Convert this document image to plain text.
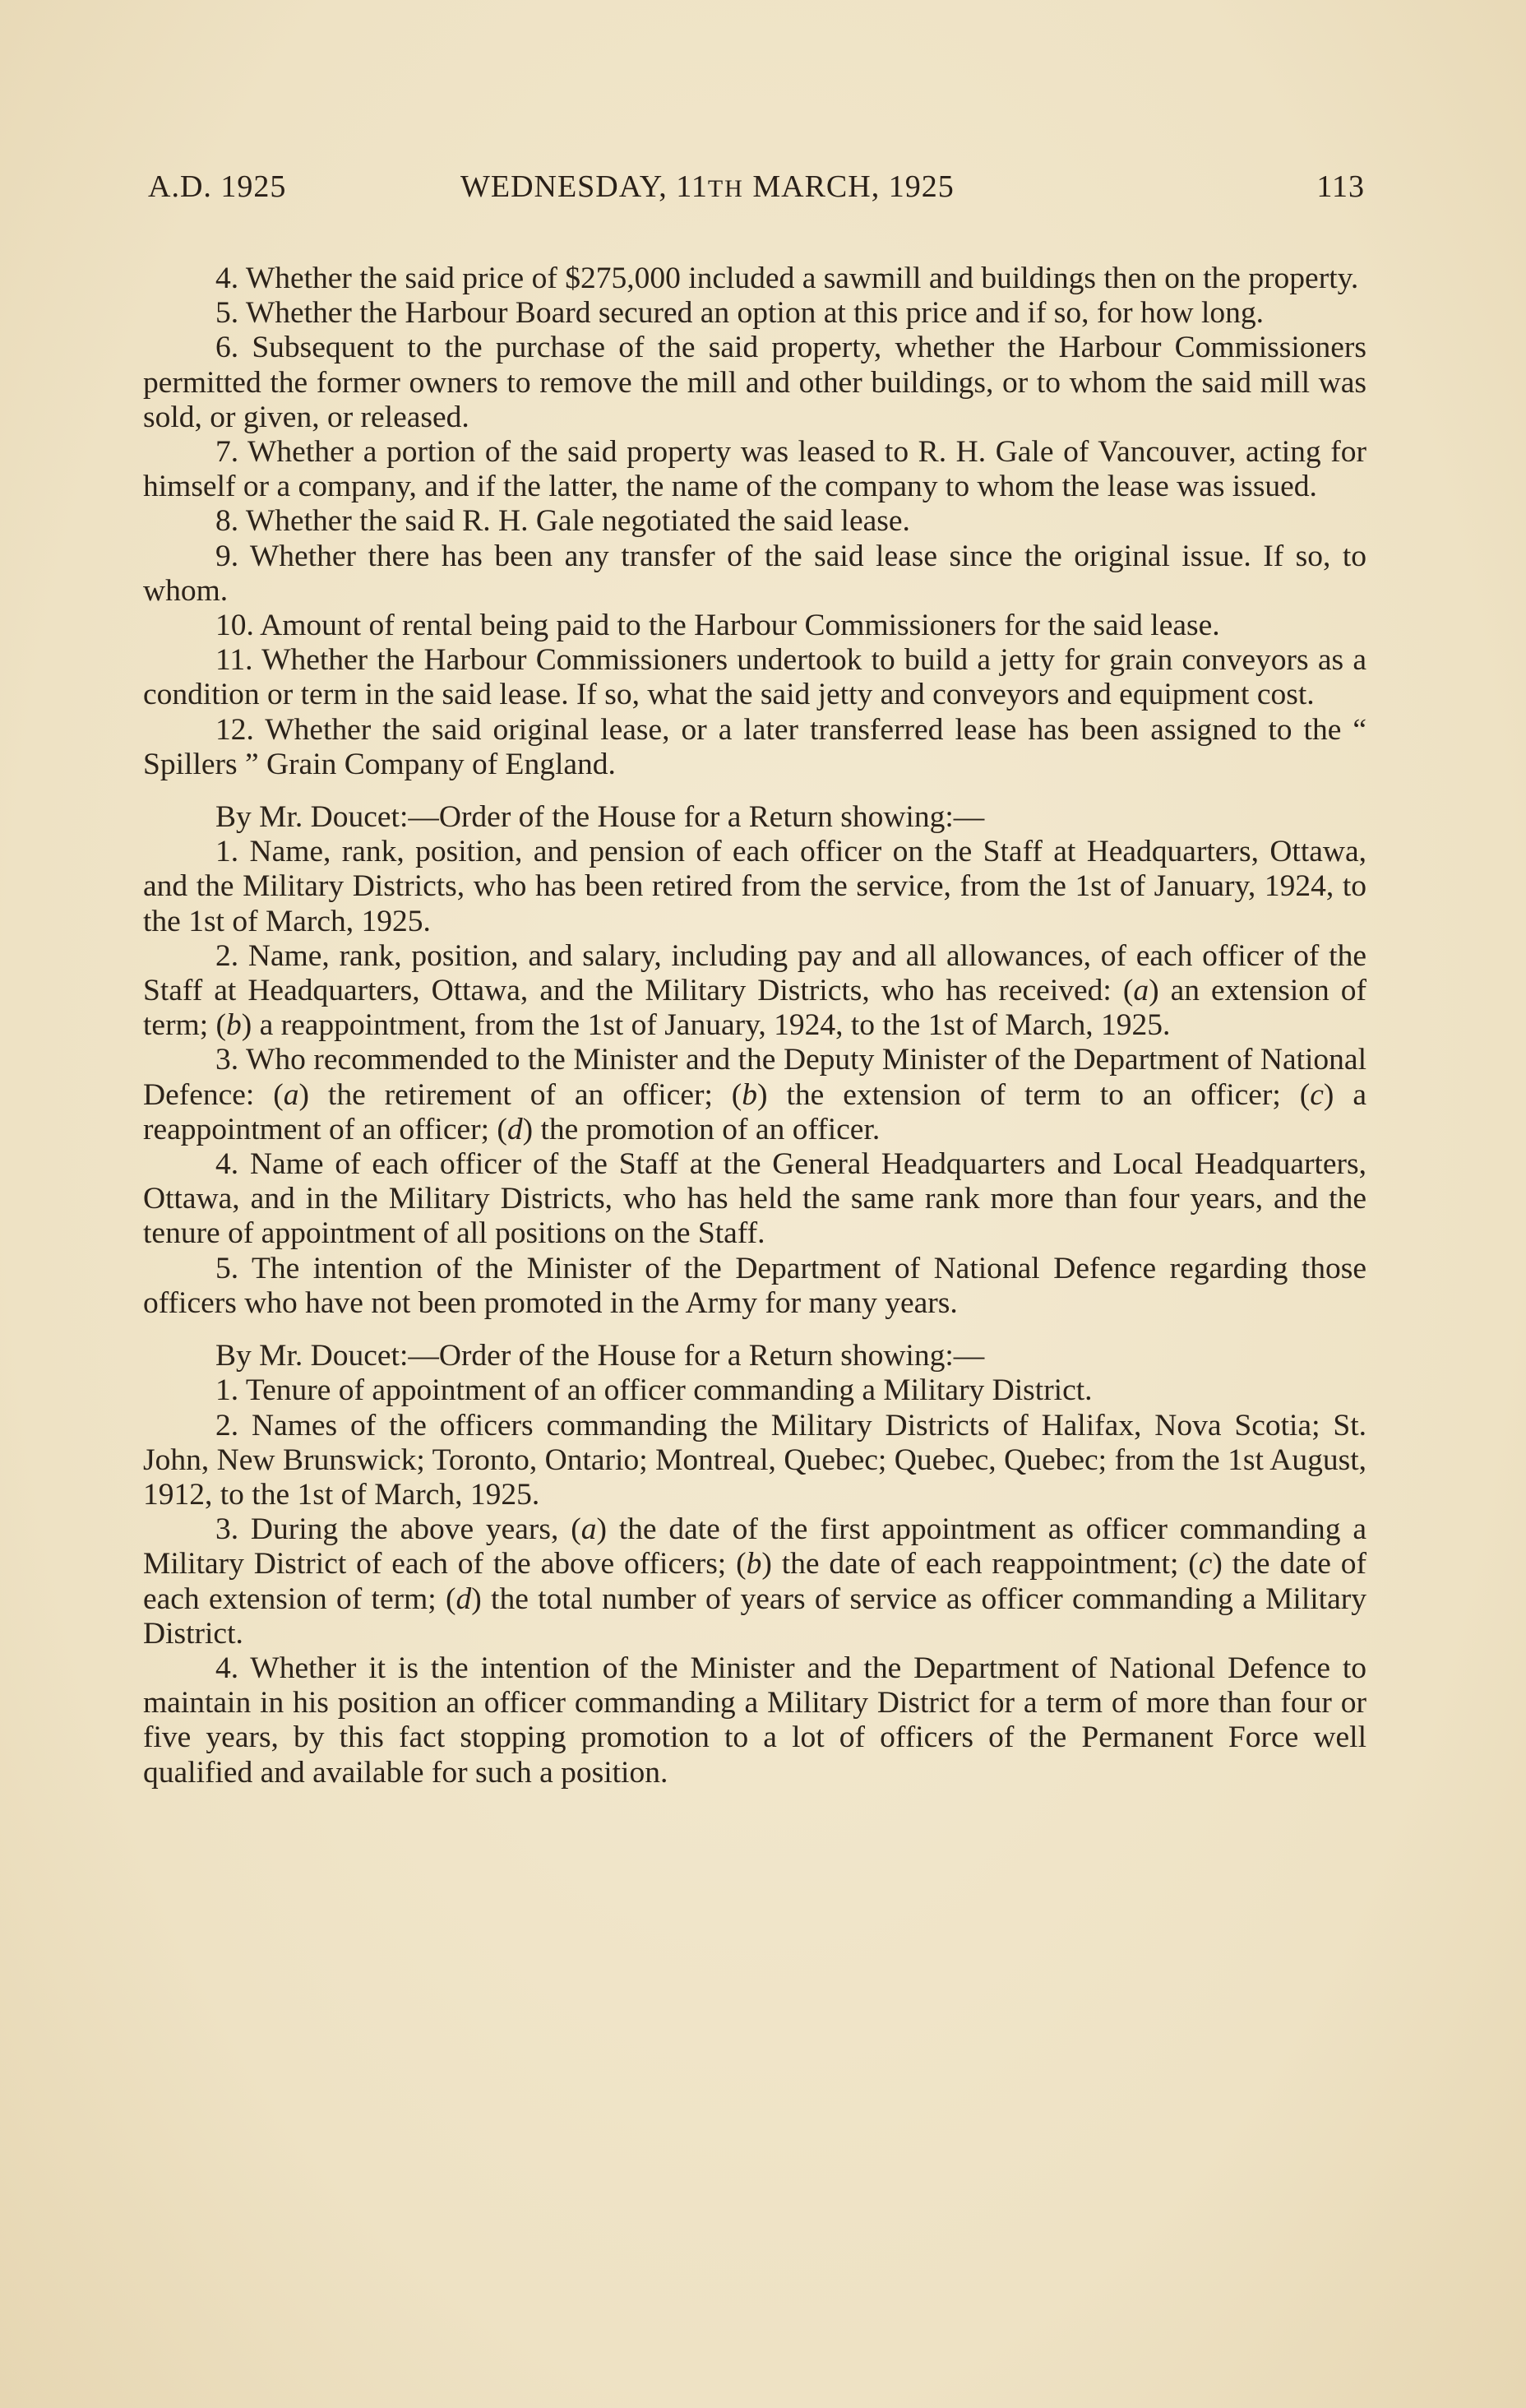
A.D. 1925	WEDNESDAY, 11TH MARCH, 1925	113

4. Whether the said price of $275,000 included a sawmill and buildings then on the property.

5. Whether the Harbour Board secured an option at this price and if so, for how long.

6. Subsequent to the purchase of the said property, whether the Harbour Commissioners permitted the former owners to remove the mill and other buildings, or to whom the said mill was sold, or given, or released.

7. Whether a portion of the said property was leased to R. H. Gale of Vancouver, acting for himself or a company, and if the latter, the name of the company to whom the lease was issued.

8. Whether the said R. H. Gale negotiated the said lease.

9. Whether there has been any transfer of the said lease since the original issue. If so, to whom.

10. Amount of rental being paid to the Harbour Commissioners for the said lease.

11. Whether the Harbour Commissioners undertook to build a jetty for grain conveyors as a condition or term in the said lease. If so, what the said jetty and conveyors and equipment cost.

12. Whether the said original lease, or a later transferred lease has been assigned to the “ Spillers ” Grain Company of England.

By Mr. Doucet:—Order of the House for a Return showing:—

1. Name, rank, position, and pension of each officer on the Staff at Headquarters, Ottawa, and the Military Districts, who has been retired from the service, from the 1st of January, 1924, to the 1st of March, 1925.

2. Name, rank, position, and salary, including pay and all allowances, of each officer of the Staff at Headquarters, Ottawa, and the Military Districts, who has received: (a) an extension of term; (b) a reappointment, from the 1st of January, 1924, to the 1st of March, 1925.

3. Who recommended to the Minister and the Deputy Minister of the Department of National Defence: (a) the retirement of an officer; (b) the extension of term to an officer; (c) a reappointment of an officer; (d) the promotion of an officer.

4. Name of each officer of the Staff at the General Headquarters and Local Headquarters, Ottawa, and in the Military Districts, who has held the same rank more than four years, and the tenure of appointment of all positions on the Staff.

5. The intention of the Minister of the Department of National Defence regarding those officers who have not been promoted in the Army for many years.

By Mr. Doucet:—Order of the House for a Return showing:—

1. Tenure of appointment of an officer commanding a Military District.

2. Names of the officers commanding the Military Districts of Halifax, Nova Scotia; St. John, New Brunswick; Toronto, Ontario; Montreal, Quebec; Quebec, Quebec; from the 1st August, 1912, to the 1st of March, 1925.

3. During the above years, (a) the date of the first appointment as officer commanding a Military District of each of the above officers; (b) the date of each reappointment; (c) the date of each extension of term; (d) the total number of years of service as officer commanding a Military District.

4. Whether it is the intention of the Minister and the Department of National Defence to maintain in his position an officer commanding a Military District for a term of more than four or five years, by this fact stopping promotion to a lot of officers of the Permanent Force well qualified and available for such a position.
